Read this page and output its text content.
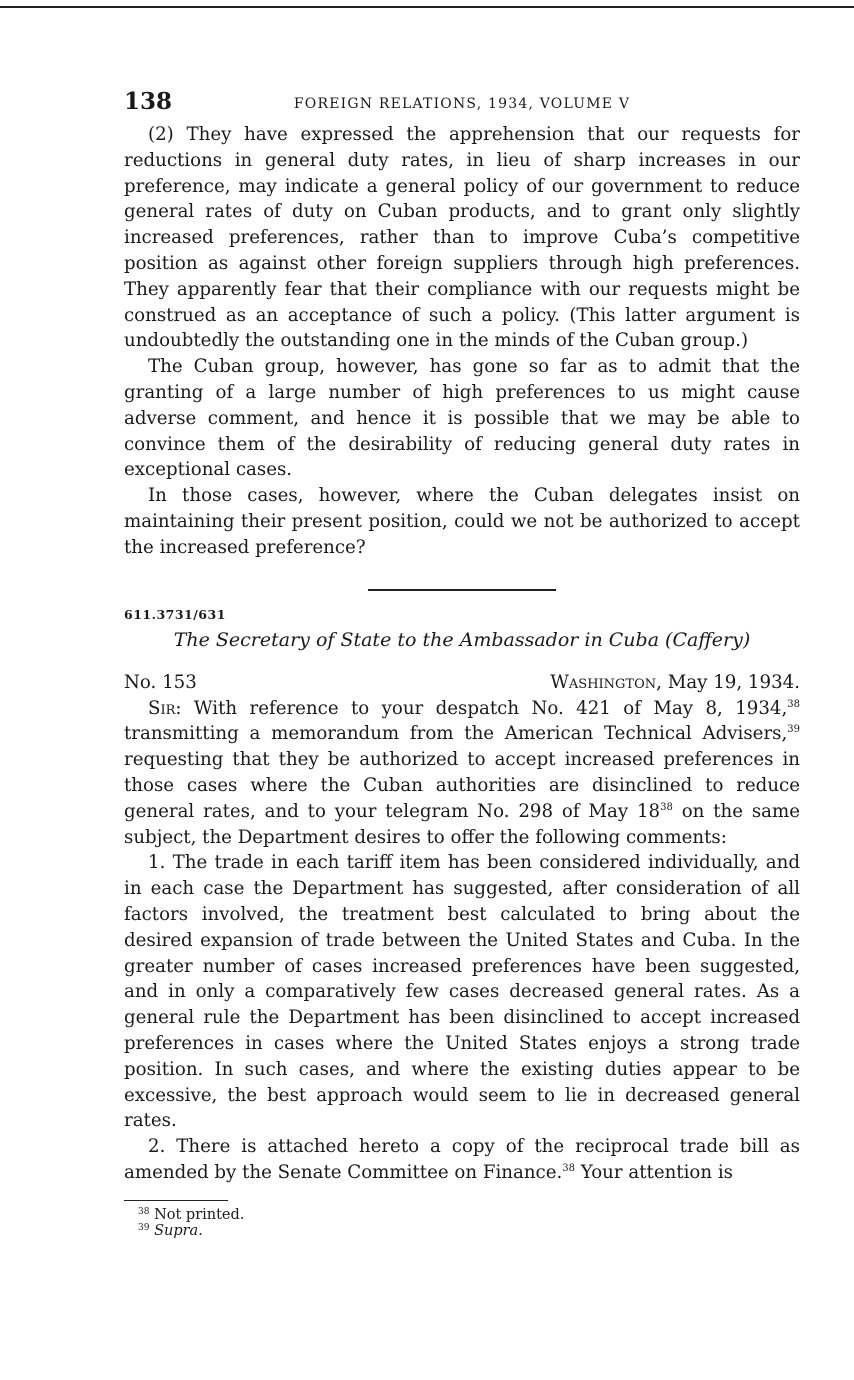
138	FOREIGN RELATIONS, 1934, VOLUME V

(2) They have expressed the apprehension that our requests for reductions in general duty rates, in lieu of sharp increases in our preference, may indicate a general policy of our government to reduce general rates of duty on Cuban products, and to grant only slightly increased preferences, rather than to improve Cuba’s competitive position as against other foreign suppliers through high preferences. They apparently fear that their compliance with our requests might be construed as an acceptance of such a policy. (This latter argument is undoubtedly the outstanding one in the minds of the Cuban group.)

The Cuban group, however, has gone so far as to admit that the granting of a large number of high preferences to us might cause adverse comment, and hence it is possible that we may be able to convince them of the desirability of reducing general duty rates in exceptional cases.

In those cases, however, where the Cuban delegates insist on maintaining their present position, could we not be authorized to accept the increased preference?

611.3731/631
The Secretary of State to the Ambassador in Cuba (Caffery)
No. 153	Washington, May 19, 1934.

Sir: With reference to your despatch No. 421 of May 8, 1934,38 transmitting a memorandum from the American Technical Advisers,$^{39}$ requesting that they be authorized to accept increased preferences in those cases where the Cuban authorities are disinclined to reduce general rates, and to your telegram No. 298 of May $18^{38}$ on the same subject, the Department desires to offer the following comments:

1. The trade in each tariff item has been considered individually, and in each case the Department has suggested, after consideration of all factors involved, the treatment best calculated to bring about the desired expansion of trade between the United States and Cuba. In the greater number of cases increased preferences have been suggested, and in only a comparatively few cases decreased general rates. As a general rule the Department has been disinclined to accept increased preferences in cases where the United States enjoys a strong trade position. In such cases, and where the existing duties appear to be excessive, the best approach would seem to lie in decreased general rates.

2. There is attached hereto a copy of the reciprocal trade bill as amended by the Senate Committee on Finance.$^{38}$ Your attention is

$^{38}$ Not printed.
$^{39}$ Supra.
